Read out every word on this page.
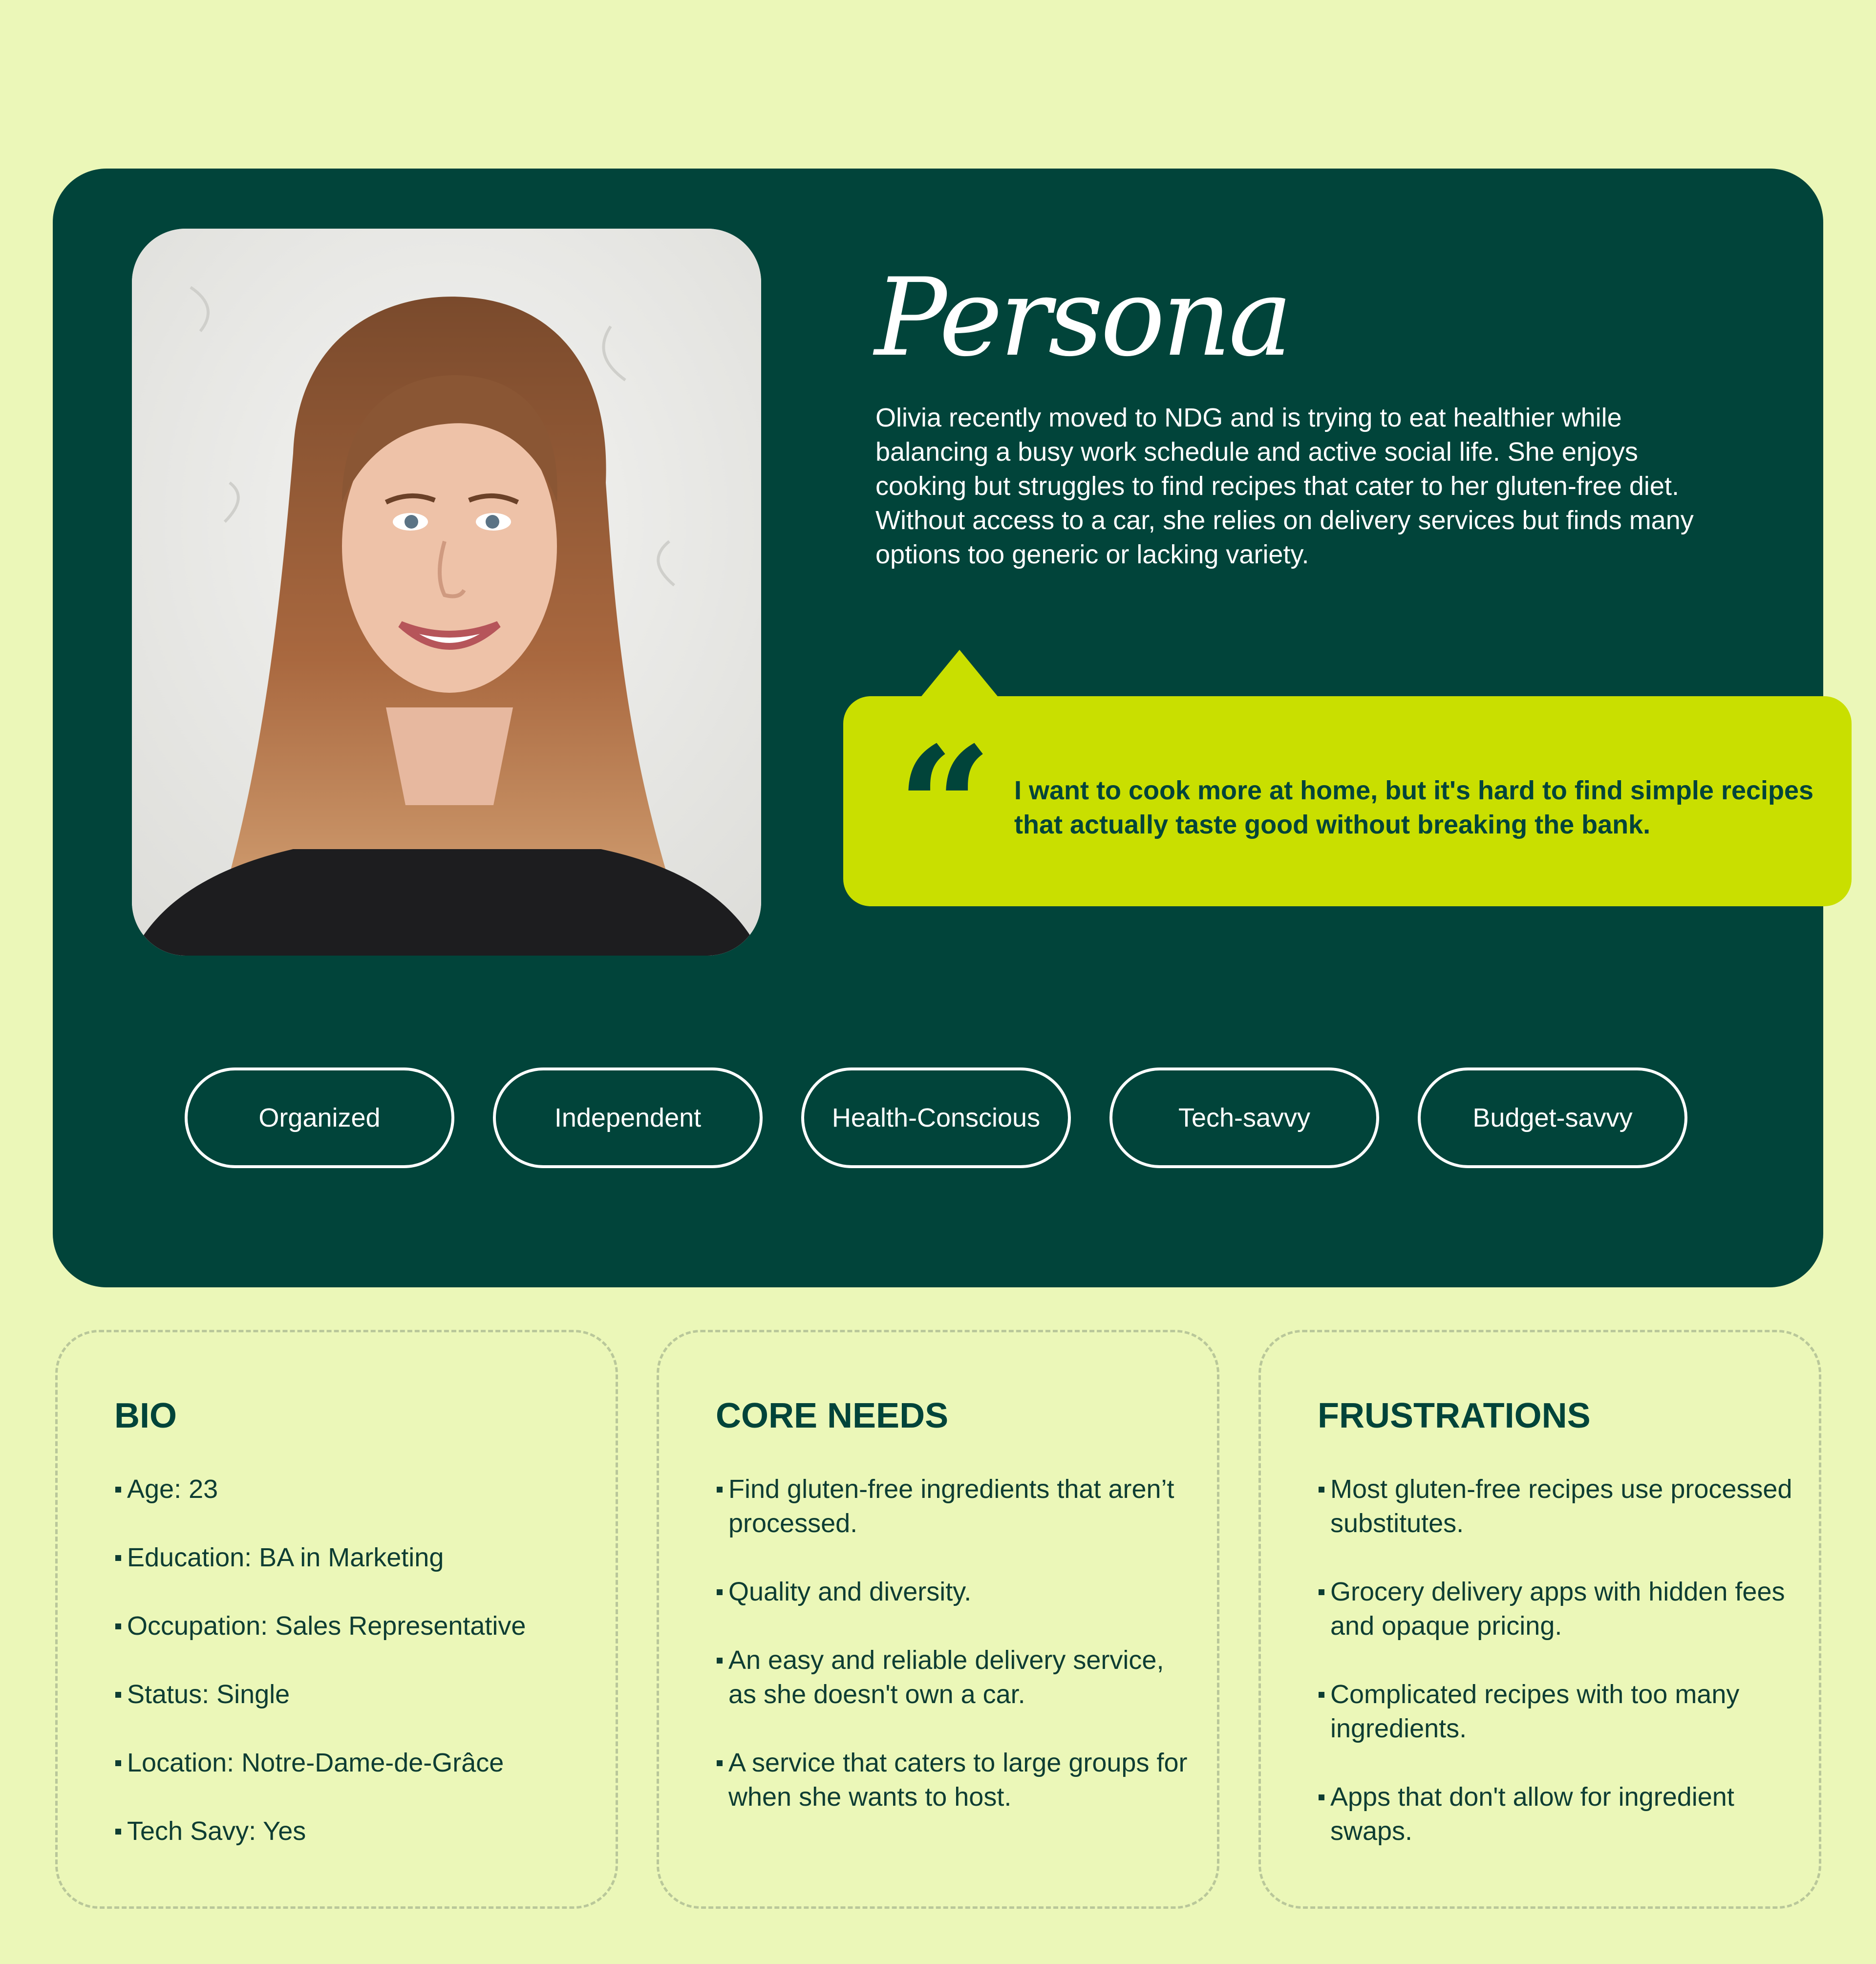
Persona

Olivia recently moved to NDG and is trying to eat healthier while balancing a busy work schedule and active social life. She enjoys cooking but struggles to find recipes that cater to her gluten-free diet. Without access to a car, she relies on delivery services but finds many options too generic or lacking variety.

“ I want to cook more at home, but it's hard to find simple recipes that actually taste good without breaking the bank.

Organized	Independent	Health-Conscious	Tech-savvy	Budget-savvy
BIO
Age: 23
Education: BA in Marketing
Occupation: Sales Representative
Status: Single
Location: Notre-Dame-de-Grâce
Tech Savy: Yes
CORE NEEDS
Find gluten-free ingredients that aren’t processed.
Quality and diversity.
An easy and reliable delivery service, as she doesn't own a car.
A service that caters to large groups for when she wants to host.
FRUSTRATIONS
Most gluten-free recipes use processed substitutes.
Grocery delivery apps with hidden fees and opaque pricing.
Complicated recipes with too many ingredients.
Apps that don't allow for ingredient swaps.
